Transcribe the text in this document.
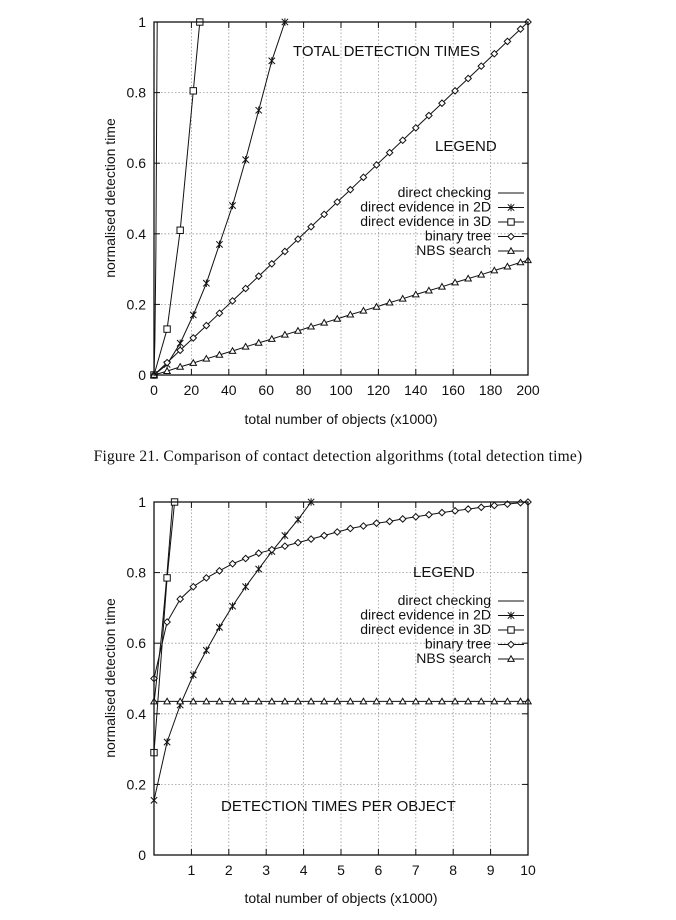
0 20 40 60 80 100 120 140 160 180 200
0
0.2
0.4
0.6
0.8
1
TOTAL DETECTION TIMES
total number of objects (x1000)
normalised detection time	LEGEND
direct checking
direct evidence in 2D
direct evidence in 3D
binary tree
NBS search
1 2 3 4 5 6 7 8 9 10
0
0.2
0.4
0.6
0.8
1
DETECTION TIMES PER OBJECT
total number of objects (x1000)
normalised detection time
LEGEND
direct checking
direct evidence in 2D
direct evidence in 3D
binary tree
NBS search
Figure 21. Comparison of contact detection algorithms (total detection time)
